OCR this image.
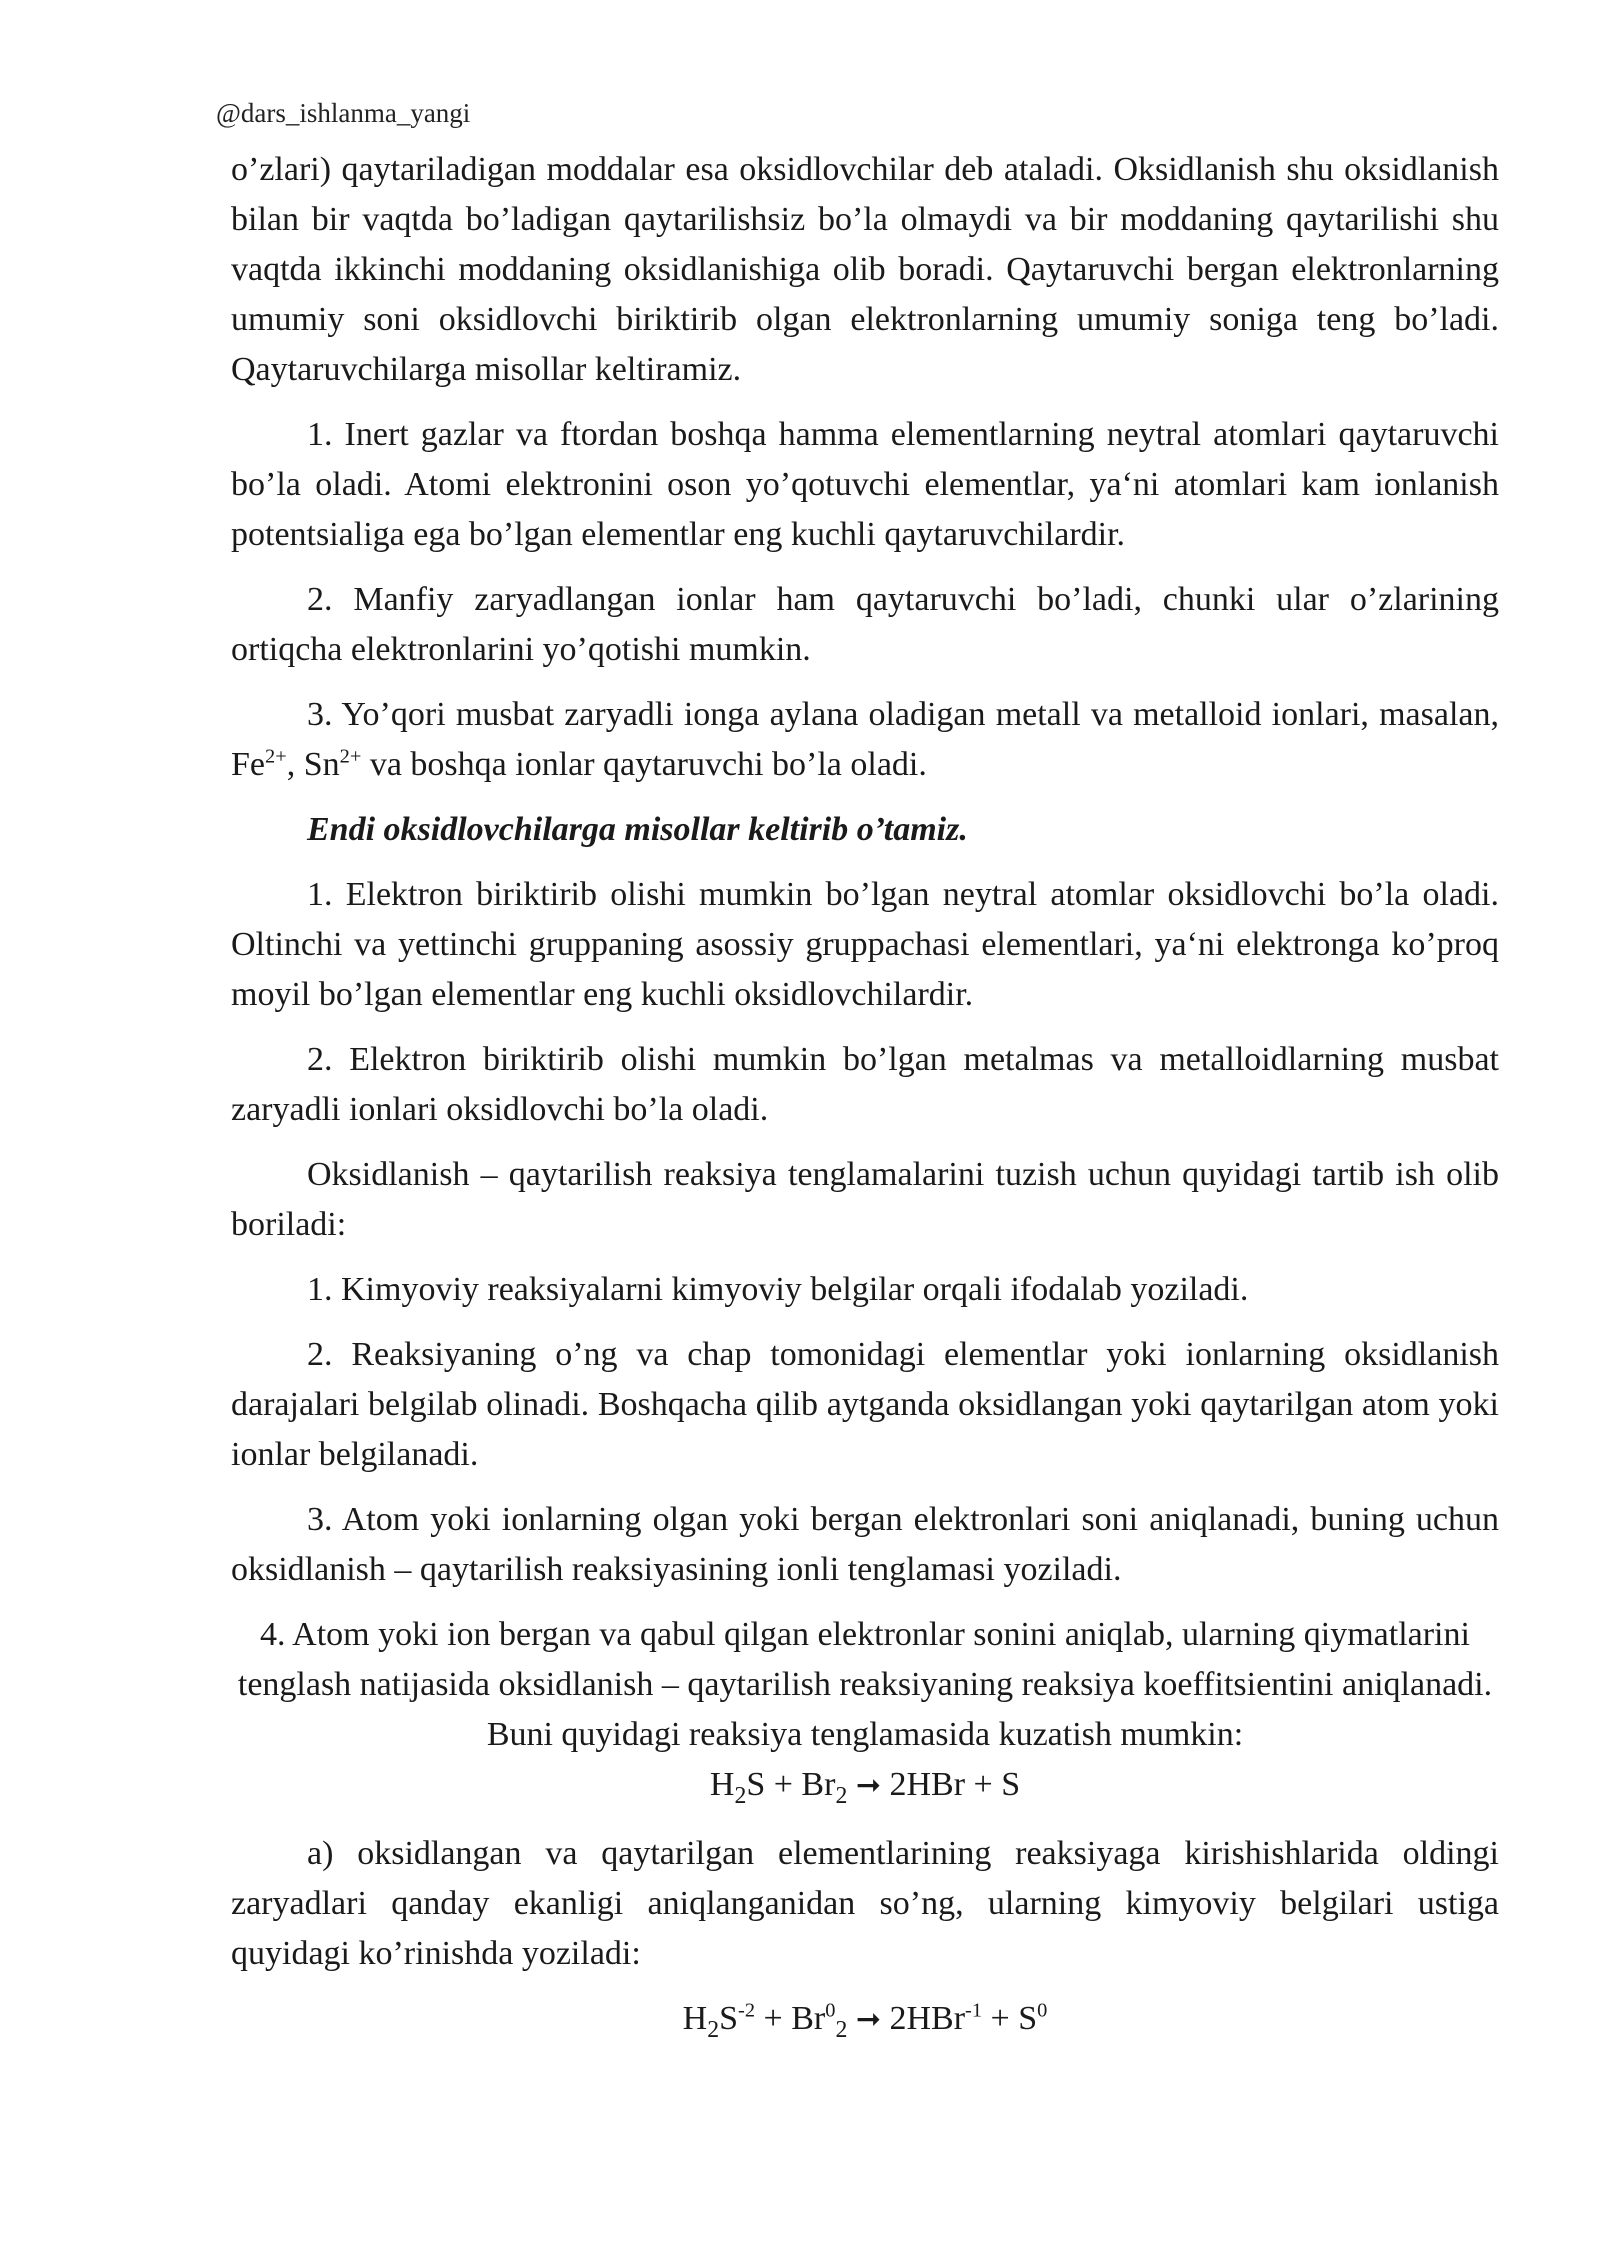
@dars_ishlanma_yangi

o’zlari) qaytariladigan moddalar esa oksidlovchilar deb ataladi. Oksidlanish shu oksidlanish bilan bir vaqtda bo’ladigan qaytarilishsiz bo’la olmaydi va bir moddaning qaytarilishi shu vaqtda ikkinchi moddaning oksidlanishiga olib boradi. Qaytaruvchi bergan elektronlarning umumiy soni oksidlovchi biriktirib olgan elektronlarning umumiy soniga teng bo’ladi. Qaytaruvchilarga misollar keltiramiz.

1. Inert gazlar va ftordan boshqa hamma elementlarning neytral atomlari qaytaruvchi bo’la oladi. Atomi elektronini oson yo’qotuvchi elementlar, ya‘ni atomlari kam ionlanish potentsialiga ega bo’lgan elementlar eng kuchli qaytaruvchilardir.

2. Manfiy zaryadlangan ionlar ham qaytaruvchi bo’ladi, chunki ular o’zlarining ortiqcha elektronlarini yo’qotishi mumkin.

3. Yo’qori musbat zaryadli ionga aylana oladigan metall va metalloid ionlari, masalan, $Fe^{2+}$, $Sn^{2+}$ va boshqa ionlar qaytaruvchi bo’la oladi.

Endi oksidlovchilarga misollar keltirib o’tamiz.

1. Elektron biriktirib olishi mumkin bo’lgan neytral atomlar oksidlovchi bo’la oladi. Oltinchi va yettinchi gruppaning asossiy gruppachasi elementlari, ya‘ni elektronga ko’proq moyil bo’lgan elementlar eng kuchli oksidlovchilardir.

2. Elektron biriktirib olishi mumkin bo’lgan metalmas va metalloidlarning musbat zaryadli ionlari oksidlovchi bo’la oladi.

Oksidlanish – qaytarilish reaksiya tenglamalarini tuzish uchun quyidagi tartib ish olib boriladi:

1. Kimyoviy reaksiyalarni kimyoviy belgilar orqali ifodalab yoziladi.

2. Reaksiyaning o’ng va chap tomonidagi elementlar yoki ionlarning oksidlanish darajalari belgilab olinadi. Boshqacha qilib aytganda oksidlangan yoki qaytarilgan atom yoki ionlar belgilanadi.

3. Atom yoki ionlarning olgan yoki bergan elektronlari soni aniqlanadi, buning uchun oksidlanish – qaytarilish reaksiyasining ionli tenglamasi yoziladi.

4. Atom yoki ion bergan va qabul qilgan elektronlar sonini aniqlab, ularning qiymatlarini tenglash natijasida oksidlanish – qaytarilish reaksiyaning reaksiya koeffitsientini aniqlanadi. Buni quyidagi reaksiya tenglamasida kuzatish mumkin:

$H_2S + Br_2$ ➞ 2HBr + S

a) oksidlangan va qaytarilgan elementlarining reaksiyaga kirishishlarida oldingi zaryadlari qanday ekanligi aniqlanganidan so’ng, ularning kimyoviy belgilari ustiga quyidagi ko’rinishda yoziladi:

$H_2S^{-2} + Br^0_2$ ➞ $2HBr^{-1} + S^0$
